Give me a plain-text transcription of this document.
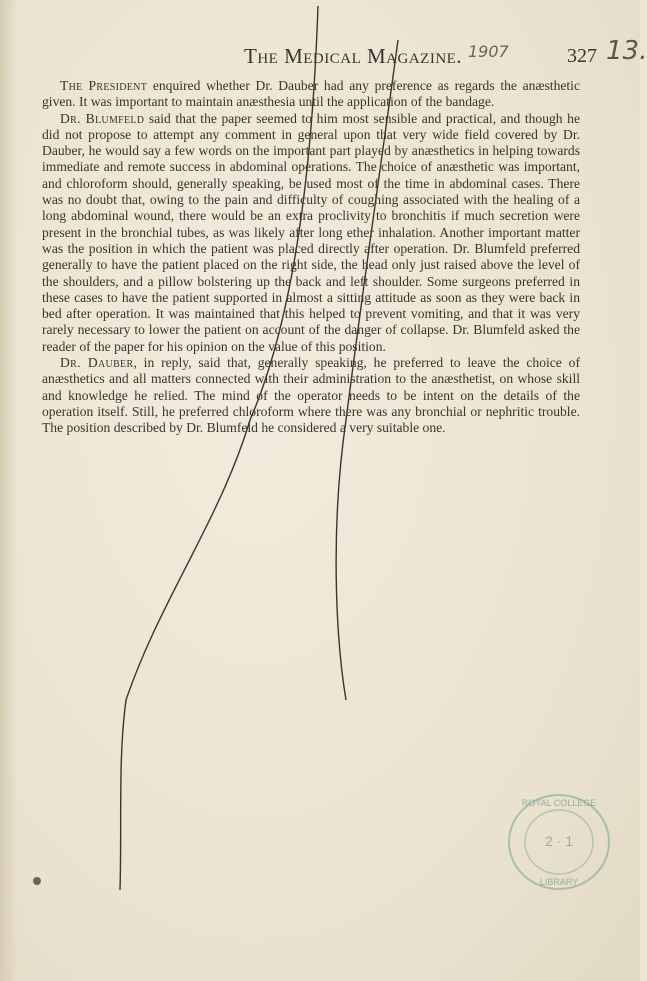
The Medical Magazine. 1907	327 13.

The President enquired whether Dr. Dauber had any preference as regards the anæsthetic given. It was important to maintain anæsthesia until the application of the bandage.

Dr. Blumfeld said that the paper seemed to him most sensible and practical, and though he did not propose to attempt any comment in general upon that very wide field covered by Dr. Dauber, he would say a few words on the important part played by anæsthetics in helping towards immediate and remote success in abdominal operations. The choice of anæsthetic was important, and chloroform should, generally speaking, be used most of the time in abdominal cases. There was no doubt that, owing to the pain and difficulty of coughing associated with the healing of a long abdominal wound, there would be an extra proclivity to bronchitis if much secretion were present in the bronchial tubes, as was likely after long ether inhalation. Another important matter was the position in which the patient was placed directly after operation. Dr. Blumfeld preferred generally to have the patient placed on the right side, the head only just raised above the level of the shoulders, and a pillow bolstering up the back and left shoulder. Some surgeons preferred in these cases to have the patient supported in almost a sitting attitude as soon as they were back in bed after operation. It was maintained that this helped to prevent vomiting, and that it was very rarely necessary to lower the patient on account of the danger of collapse. Dr. Blumfeld asked the reader of the paper for his opinion on the value of this position.

Dr. Dauber, in reply, said that, generally speaking, he preferred to leave the choice of anæsthetics and all matters connected with their administration to the anæsthetist, on whose skill and knowledge he relied. The mind of the operator needs to be intent on the details of the operation itself. Still, he preferred chloroform where there was any bronchial or nephritic trouble. The position described by Dr. Blumfeld he considered a very suitable one.

ROYAL COLLEGE
2 · 1
LIBRARY
